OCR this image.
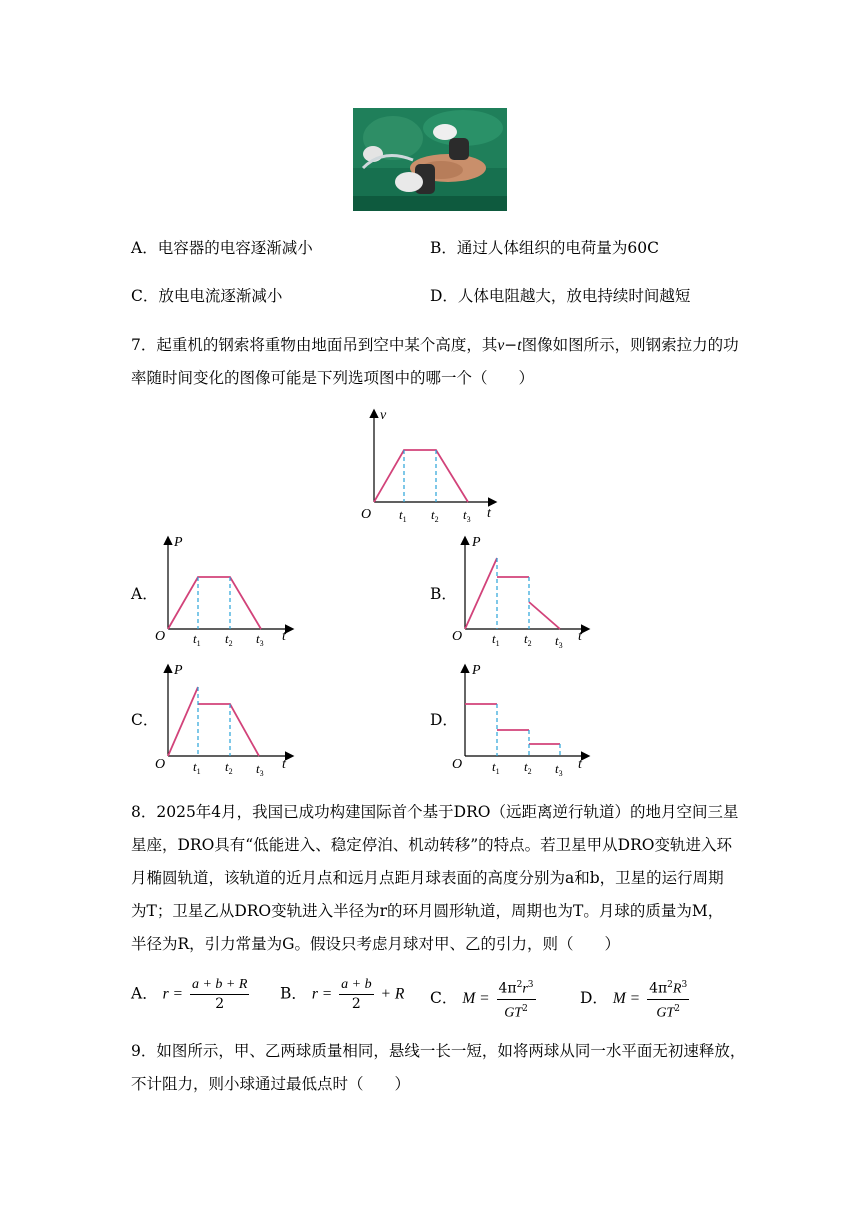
A．电容器的电容逐渐减小	B．通过人体组织的电荷量为60C
C．放电电流逐渐减小	D．人体电阻越大，放电持续时间越短
7．起重机的钢索将重物由地面吊到空中某个高度，其v−t图像如图所示，则钢索拉力的功
率随时间变化的图像可能是下列选项图中的哪一个（　　）
v
t
O $t_1$ $t_2$ $t_3$
A．	B．
C．	D．
P
t
O $t_1$ $t_2$ $t_3$
P
t
O $t_1$ $t_2$ $t_3$
P
t
O $t_1$ $t_2$ $t_3$
P
t
O $t_1$ $t_2$ $t_3$
8．2025年4月，我国已成功构建国际首个基于DRO（远距离逆行轨道）的地月空间三星
星座，DRO具有“低能进入、稳定停泊、机动转移”的特点。若卫星甲从DRO变轨进入环
月椭圆轨道，该轨道的近月点和远月点距月球表面的高度分别为a和b，卫星的运行周期
为T；卫星乙从DRO变轨进入半径为r的环月圆形轨道，周期也为T。月球的质量为M，
半径为R，引力常量为G。假设只考虑月球对甲、乙的引力，则（　　）
A． $r = \frac{a + b + R}{2}$ B． $r = \frac{a + b}{2} + R$ C． $M = \frac{4\pi^2r^3}{GT^2}$	D． $M = \frac{4\pi^2R^3}{GT^2}$
9．如图所示，甲、乙两球质量相同，悬线一长一短，如将两球从同一水平面无初速释放，
不计阻力，则小球通过最低点时（　　）
